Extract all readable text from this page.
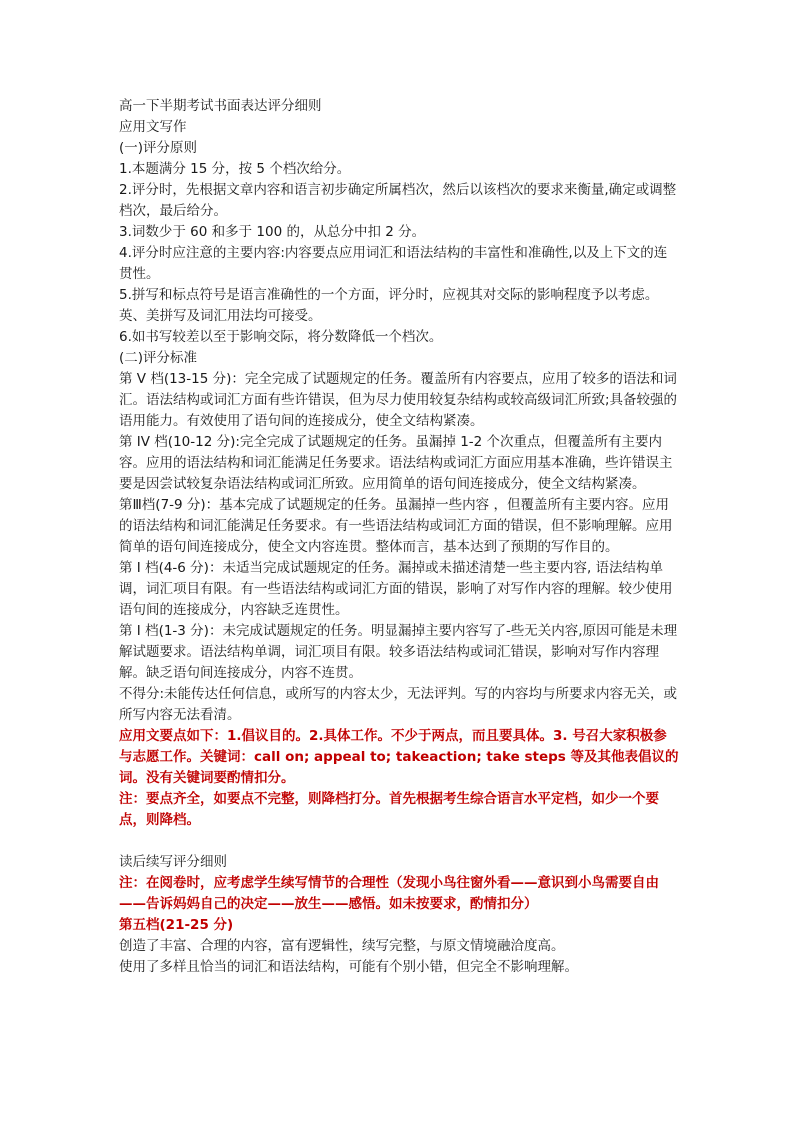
高一下半期考试书面表达评分细则

应用文写作

(一)评分原则

1.本题满分 15 分，按 5 个档次给分。

2.评分时，先根据文章内容和语言初步确定所属档次，然后以该档次的要求来衡量,确定或调整档次，最后给分。

3.词数少于 60 和多于 100 的，从总分中扣 2 分。

4.评分时应注意的主要内容:内容要点应用词汇和语法结构的丰富性和准确性,以及上下文的连贯性。

5.拼写和标点符号是语言准确性的一个方面，评分时，应视其对交际的影响程度予以考虑。英、美拼写及词汇用法均可接受。

6.如书写较差以至于影响交际，将分数降低一个档次。

(二)评分标准

第 V 档(13-15 分)：完全完成了试题规定的任务。覆盖所有内容要点，应用了较多的语法和词汇。语法结构或词汇方面有些许错误，但为尽力使用较复杂结构或较高级词汇所致;具备较强的语用能力。有效使用了语句间的连接成分，使全文结构紧凑。

第 IV 档(10-12 分):完全完成了试题规定的任务。虽漏掉 1-2 个次重点，但覆盖所有主要内容。应用的语法结构和词汇能满足任务要求。语法结构或词汇方面应用基本准确，些许错误主要是因尝试较复杂语法结构或词汇所致。应用简单的语句间连接成分，使全文结构紧凑。

第Ⅲ档(7-9 分)：基本完成了试题规定的任务。虽漏掉一些内容 ，但覆盖所有主要内容。应用的语法结构和词汇能满足任务要求。有一些语法结构或词汇方面的错误，但不影响理解。应用简单的语句间连接成分，使全文内容连贯。整体而言，基本达到了预期的写作目的。

第 I 档(4-6 分)：未适当完成试题规定的任务。漏掉或未描述清楚一些主要内容, 语法结构单调，词汇项目有限。有一些语法结构或词汇方面的错误，影响了对写作内容的理解。较少使用语句间的连接成分，内容缺乏连贯性。

第 I 档(1-3 分)：未完成试题规定的任务。明显漏掉主要内容写了-些无关内容,原因可能是未理解试题要求。语法结构单调，词汇项目有限。较多语法结构或词汇错误，影响对写作内容理解。缺乏语句间连接成分，内容不连贯。

不得分:未能传达任何信息，或所写的内容太少，无法评判。写的内容均与所要求内容无关，或所写内容无法看清。

应用文要点如下：1.倡议目的。2.具体工作。不少于两点，而且要具体。3. 号召大家积极参与志愿工作。关键词：call on; appeal to; takeaction; take steps 等及其他表倡议的词。没有关键词要酌情扣分。

注：要点齐全，如要点不完整，则降档打分。首先根据考生综合语言水平定档，如少一个要点，则降档。

读后续写评分细则

注：在阅卷时，应考虑学生续写情节的合理性（发现小鸟往窗外看——意识到小鸟需要自由——告诉妈妈自己的决定——放生——感悟。如未按要求，酌情扣分）

第五档(21-25 分)

创造了丰富、合理的内容，富有逻辑性，续写完整，与原文情境融洽度高。

使用了多样且恰当的词汇和语法结构，可能有个别小错，但完全不影响理解。
